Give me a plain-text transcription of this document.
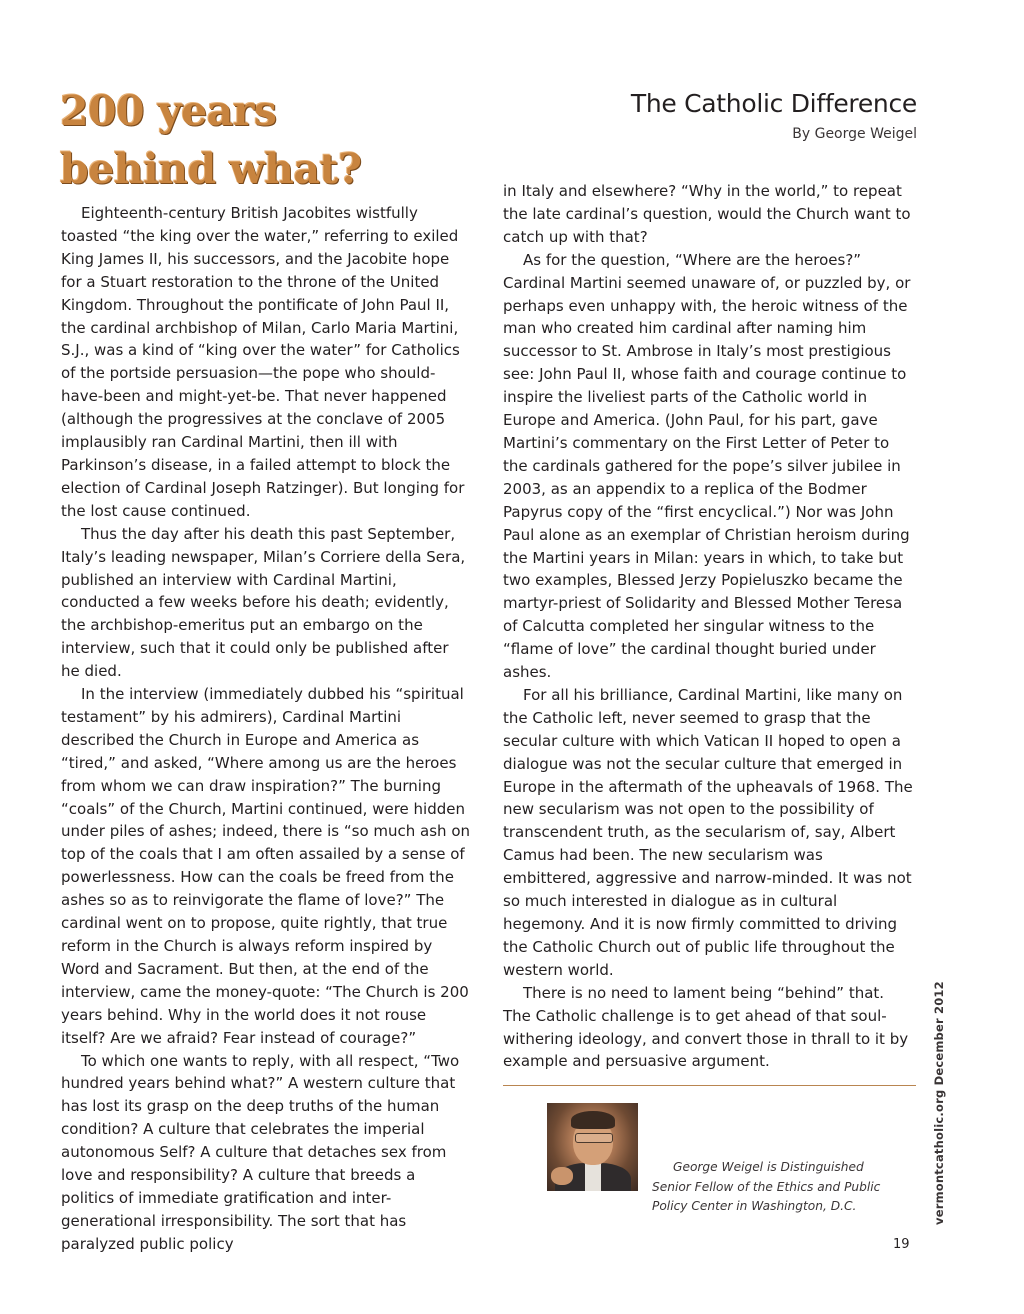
200 years
behind what?
The Catholic Difference
By George Weigel

Eighteenth-century British Jacobites wistfully toasted “the king over the water,” referring to exiled King James II, his successors, and the Jacobite hope for a Stuart restoration to the throne of the United Kingdom. Throughout the pontificate of John Paul II, the cardinal archbishop of Milan, Carlo Maria Martini, S.J., was a kind of “king over the water” for Catholics of the portside persuasion—the pope who should-have-been and might-yet-be. That never happened (although the progressives at the conclave of 2005 implausibly ran Cardinal Martini, then ill with Parkinson’s disease, in a failed attempt to block the election of Cardinal Joseph Ratzinger). But longing for the lost cause continued.

Thus the day after his death this past September, Italy’s leading newspaper, Milan’s Corriere della Sera, published an interview with Cardinal Martini, conducted a few weeks before his death; evidently, the archbishop-emeritus put an embargo on the interview, such that it could only be published after he died.

In the interview (immediately dubbed his “spiritual testament” by his admirers), Cardinal Martini described the Church in Europe and America as “tired,” and asked, “Where among us are the heroes from whom we can draw inspiration?” The burning “coals” of the Church, Martini continued, were hidden under piles of ashes; indeed, there is “so much ash on top of the coals that I am often assailed by a sense of powerlessness. How can the coals be freed from the ashes so as to reinvigorate the flame of love?” The cardinal went on to propose, quite rightly, that true reform in the Church is always reform inspired by Word and Sacrament. But then, at the end of the interview, came the money-quote: “The Church is 200 years behind. Why in the world does it not rouse itself? Are we afraid? Fear instead of courage?”

To which one wants to reply, with all respect, “Two hundred years behind what?” A western culture that has lost its grasp on the deep truths of the human condition? A culture that celebrates the imperial autonomous Self? A culture that detaches sex from love and responsibility? A culture that breeds a politics of immediate gratification and inter-generational irresponsibility. The sort that has paralyzed public policy

in Italy and elsewhere? “Why in the world,” to repeat the late cardinal’s question, would the Church want to catch up with that?

As for the question, “Where are the heroes?” Cardinal Martini seemed unaware of, or puzzled by, or perhaps even unhappy with, the heroic witness of the man who created him cardinal after naming him successor to St. Ambrose in Italy’s most prestigious see: John Paul II, whose faith and courage continue to inspire the liveliest parts of the Catholic world in Europe and America. (John Paul, for his part, gave Martini’s commentary on the First Letter of Peter to the cardinals gathered for the pope’s silver jubilee in 2003, as an appendix to a replica of the Bodmer Papyrus copy of the “first encyclical.”) Nor was John Paul alone as an exemplar of Christian heroism during the Martini years in Milan: years in which, to take but two examples, Blessed Jerzy Popieluszko became the martyr-priest of Solidarity and Blessed Mother Teresa of Calcutta completed her singular witness to the “flame of love” the cardinal thought buried under ashes.

For all his brilliance, Cardinal Martini, like many on the Catholic left, never seemed to grasp that the secular culture with which Vatican II hoped to open a dialogue was not the secular culture that emerged in Europe in the aftermath of the upheavals of 1968. The new secularism was not open to the possibility of transcendent truth, as the secularism of, say, Albert Camus had been. The new secularism was embittered, aggressive and narrow-minded. It was not so much interested in dialogue as in cultural hegemony. And it is now firmly committed to driving the Catholic Church out of public life throughout the western world.

There is no need to lament being “behind” that. The Catholic challenge is to get ahead of that soul-withering ideology, and convert those in thrall to it by example and persuasive argument.

George Weigel is Distinguished
Senior Fellow of the Ethics and Public
Policy Center in Washington, D.C.	vermontcatholic.org December 2012
19
